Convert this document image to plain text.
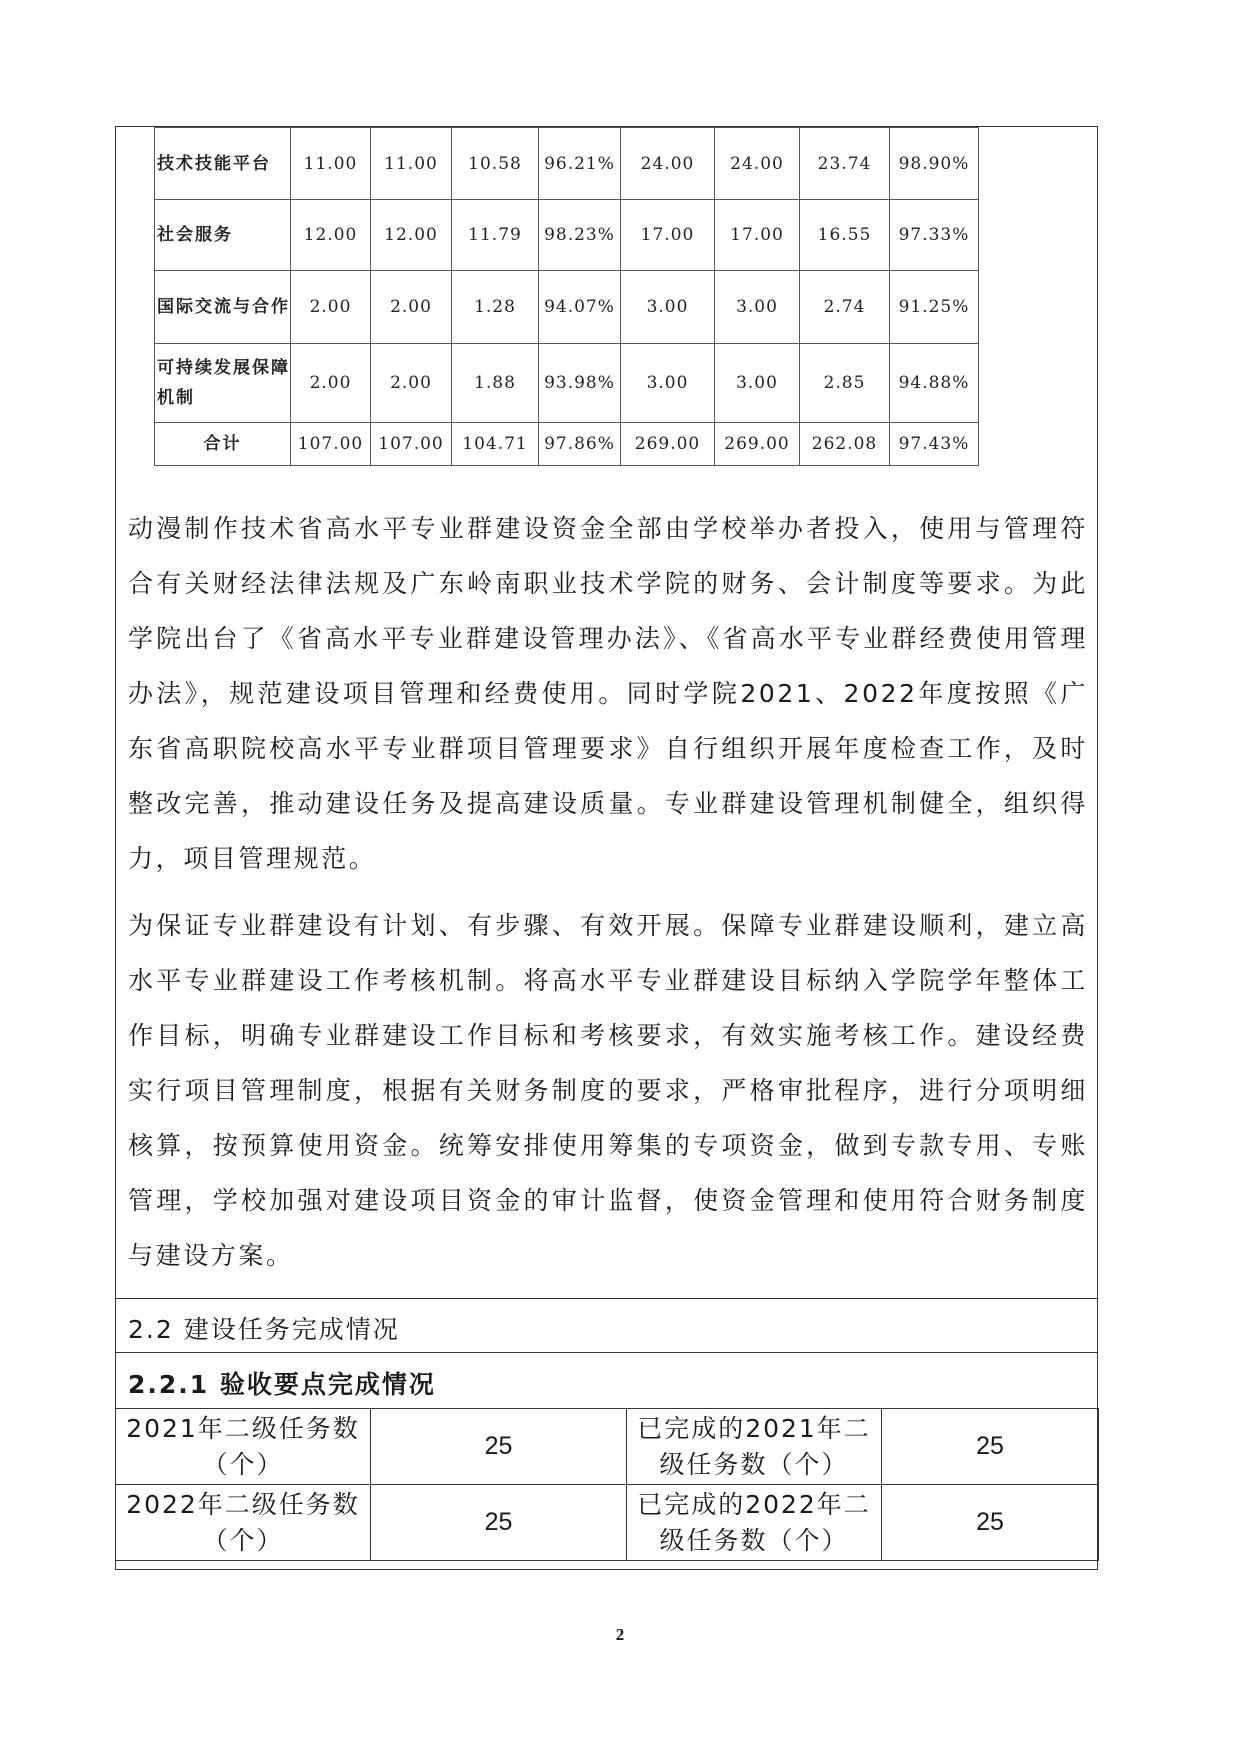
技术技能平台	11.00	11.00	10.58	96.21%	24.00	24.00	23.74	98.90%
社会服务	12.00	12.00	11.79	98.23%	17.00	17.00	16.55	97.33%
国际交流与合作	2.00	2.00	1.28	94.07%	3.00	3.00	2.74	91.25%
可持续发展保障机制	2.00	2.00	1.88	93.98%	3.00	3.00	2.85	94.88%
合计	107.00	107.00	104.71	97.86%	269.00	269.00	262.08	97.43%

动漫制作技术省高水平专业群建设资金全部由学校举办者投入，使用与管理符合有关财经法律法规及广东岭南职业技术学院的财务、会计制度等要求。为此学院出台了《省高水平专业群建设管理办法》、《省高水平专业群经费使用管理办法》，规范建设项目管理和经费使用。同时学院2021、2022年度按照《广东省高职院校高水平专业群项目管理要求》自行组织开展年度检查工作，及时整改完善，推动建设任务及提高建设质量。专业群建设管理机制健全，组织得力，项目管理规范。

为保证专业群建设有计划、有步骤、有效开展。保障专业群建设顺利，建立高水平专业群建设工作考核机制。将高水平专业群建设目标纳入学院学年整体工作目标，明确专业群建设工作目标和考核要求，有效实施考核工作。建设经费实行项目管理制度，根据有关财务制度的要求，严格审批程序，进行分项明细核算，按预算使用资金。统筹安排使用筹集的专项资金，做到专款专用、专账管理，学校加强对建设项目资金的审计监督，使资金管理和使用符合财务制度与建设方案。

2.2 建设任务完成情况
2.2.1 验收要点完成情况
2021年二级任务数（个）	25	已完成的2021年二级任务数（个）	25
2022年二级任务数（个）	25	已完成的2022年二级任务数（个）	25
2
